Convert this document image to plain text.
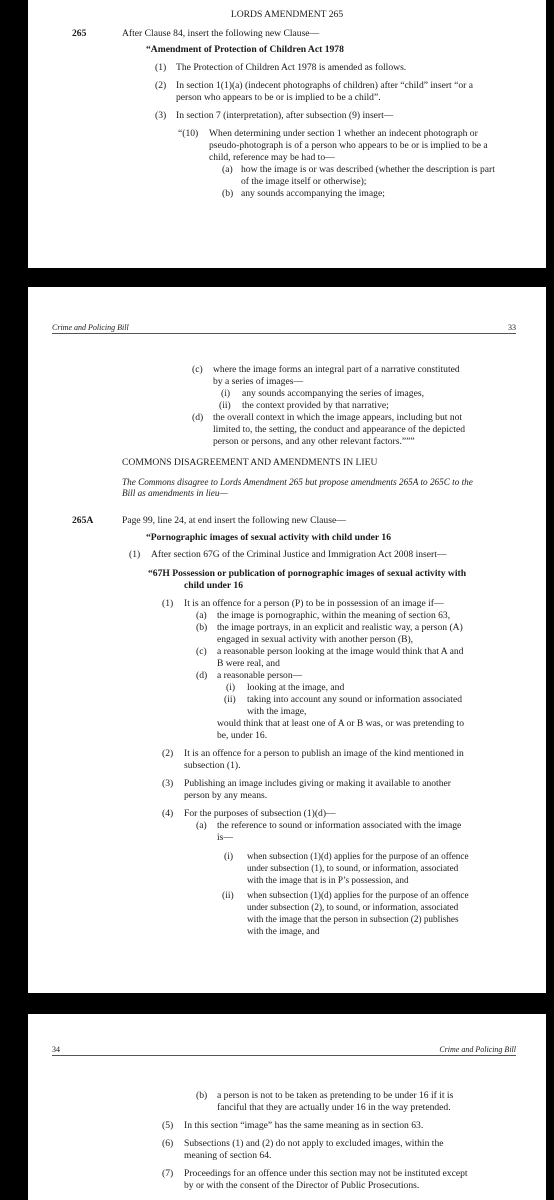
LORDS AMENDMENT 265
265	After Clause 84, insert the following new Clause—
“Amendment of Protection of Children Act 1978
(1) The Protection of Children Act 1978 is amended as follows.
(2) In section 1(1)(a) (indecent photographs of children) after “child” insert “or a
person who appears to be or is implied to be a child”.
(3) In section 7 (interpretation), after subsection (9) insert—
“(10) When determining under section 1 whether an indecent photograph or
pseudo-photograph is of a person who appears to be or is implied to be a
child, reference may be had to—
(a) how the image is or was described (whether the description is part
of the image itself or otherwise);
(b) any sounds accompanying the image;
Crime and Policing Bill	33
(c) where the image forms an integral part of a narrative constituted
by a series of images—
(i) any sounds accompanying the series of images,
(ii) the context provided by that narrative;
(d) the overall context in which the image appears, including but not
limited to, the setting, the conduct and appearance of the depicted
person or persons, and any other relevant factors.”””
COMMONS DISAGREEMENT AND AMENDMENTS IN LIEU
The Commons disagree to Lords Amendment 265 but propose amendments 265A to 265C to the
Bill as amendments in lieu—
265A	Page 99, line 24, at end insert the following new Clause—
“Pornographic images of sexual activity with child under 16
(1) After section 67G of the Criminal Justice and Immigration Act 2008 insert—
“67H Possession or publication of pornographic images of sexual activity with
child under 16
(1) It is an offence for a person (P) to be in possession of an image if—
(a) the image is pornographic, within the meaning of section 63,
(b) the image portrays, in an explicit and realistic way, a person (A)
engaged in sexual activity with another person (B),
(c) a reasonable person looking at the image would think that A and
B were real, and
(d) a reasonable person—
(i) looking at the image, and
(ii) taking into account any sound or information associated
with the image,
would think that at least one of A or B was, or was pretending to
be, under 16.
(2) It is an offence for a person to publish an image of the kind mentioned in
subsection (1).
(3) Publishing an image includes giving or making it available to another
person by any means.
(4) For the purposes of subsection (1)(d)—
(a) the reference to sound or information associated with the image
is—
(i) when subsection (1)(d) applies for the purpose of an offence
under subsection (1), to sound, or information, associated
with the image that is in P’s possession, and
(ii) when subsection (1)(d) applies for the purpose of an offence
under subsection (2), to sound, or information, associated
with the image that the person in subsection (2) publishes
with the image, and
34	Crime and Policing Bill
(b) a person is not to be taken as pretending to be under 16 if it is
fanciful that they are actually under 16 in the way pretended.
(5) In this section “image” has the same meaning as in section 63.
(6) Subsections (1) and (2) do not apply to excluded images, within the
meaning of section 64.
(7) Proceedings for an offence under this section may not be instituted except
by or with the consent of the Director of Public Prosecutions.
